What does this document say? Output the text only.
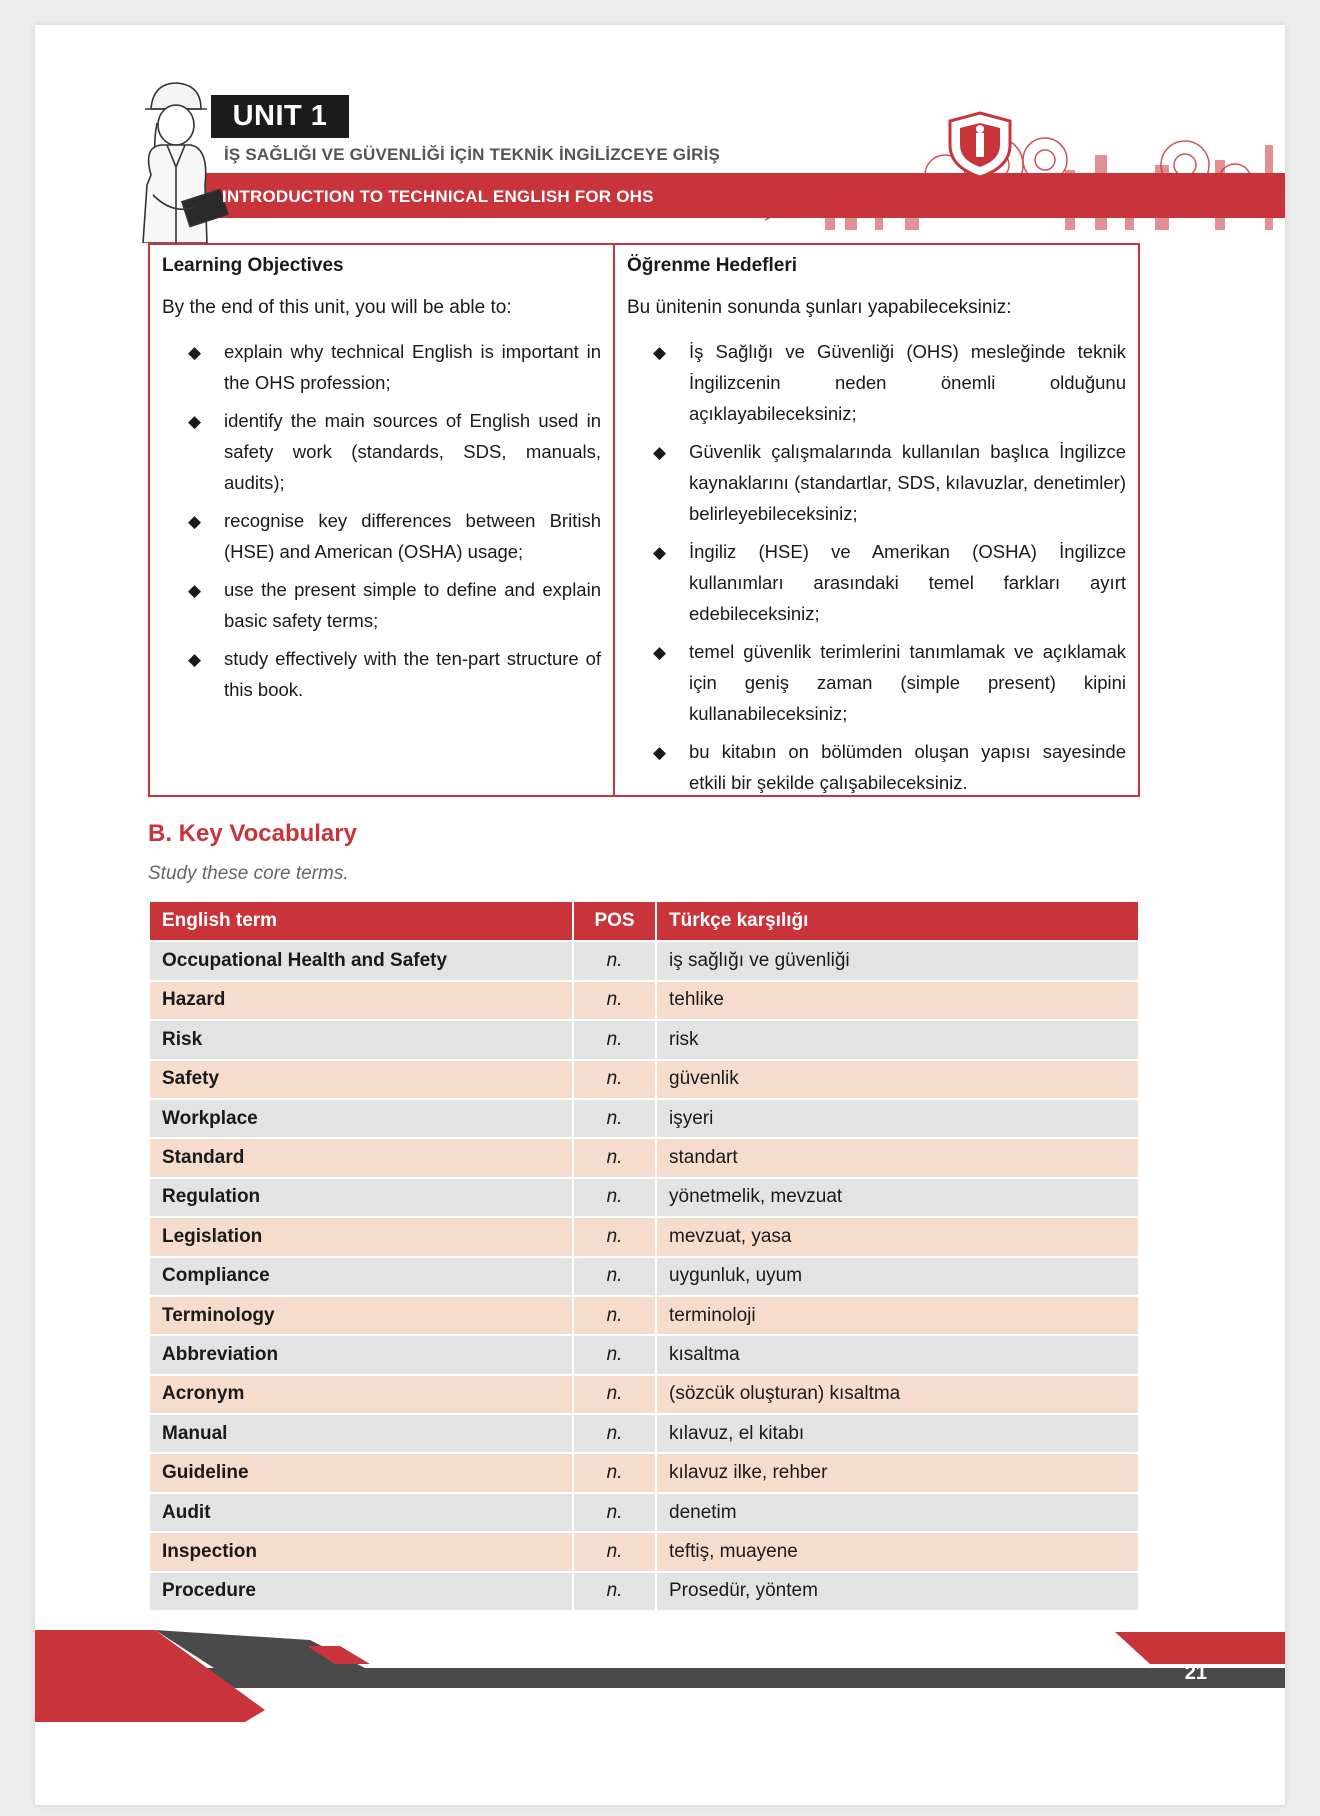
UNIT 1
İŞ SAĞLIĞI VE GÜVENLİĞİ İÇİN TEKNİK İNGİLİZCEYE GİRİŞ
INTRODUCTION TO TECHNICAL ENGLISH FOR OHS
Learning Objectives
By the end of this unit, you will be able to:
◆ explain why technical English is important in the OHS profession;
◆ identify the main sources of English used in safety work (standards, SDS, manuals, audits);
◆ recognise key differences between British (HSE) and American (OSHA) usage;
◆ use the present simple to define and explain basic safety terms;
◆ study effectively with the ten-part structure of this book.
Öğrenme Hedefleri
Bu ünitenin sonunda şunları yapabileceksiniz:
◆ İş Sağlığı ve Güvenliği (OHS) mesleğinde teknik İngilizcenin neden önemli olduğunu açıklayabileceksiniz;
◆ Güvenlik çalışmalarında kullanılan başlıca İngilizce kaynaklarını (standartlar, SDS, kılavuzlar, denetimler) belirleyebileceksiniz;
◆ İngiliz (HSE) ve Amerikan (OSHA) İngilizce kullanımları arasındaki temel farkları ayırt edebileceksiniz;
◆ temel güvenlik terimlerini tanımlamak ve açıklamak için geniş zaman (simple present) kipini kullanabileceksiniz;
◆ bu kitabın on bölümden oluşan yapısı sayesinde etkili bir şekilde çalışabileceksiniz.
B. Key Vocabulary
Study these core terms.
English term	POS	Türkçe karşılığı
Occupational Health and Safety	n.	iş sağlığı ve güvenliği
Hazard	n.	tehlike
Risk	n.	risk
Safety	n.	güvenlik
Workplace	n.	işyeri
Standard	n.	standart
Regulation	n.	yönetmelik, mevzuat
Legislation	n.	mevzuat, yasa
Compliance	n.	uygunluk, uyum
Terminology	n.	terminoloji
Abbreviation	n.	kısaltma
Acronym	n.	(sözcük oluşturan) kısaltma
Manual	n.	kılavuz, el kitabı
Guideline	n.	kılavuz ilke, rehber
Audit	n.	denetim
Inspection	n.	teftiş, muayene
Procedure	n.	Prosedür, yöntem
21
Hakan Erdoğan - Muhammed Nurullah Acar
